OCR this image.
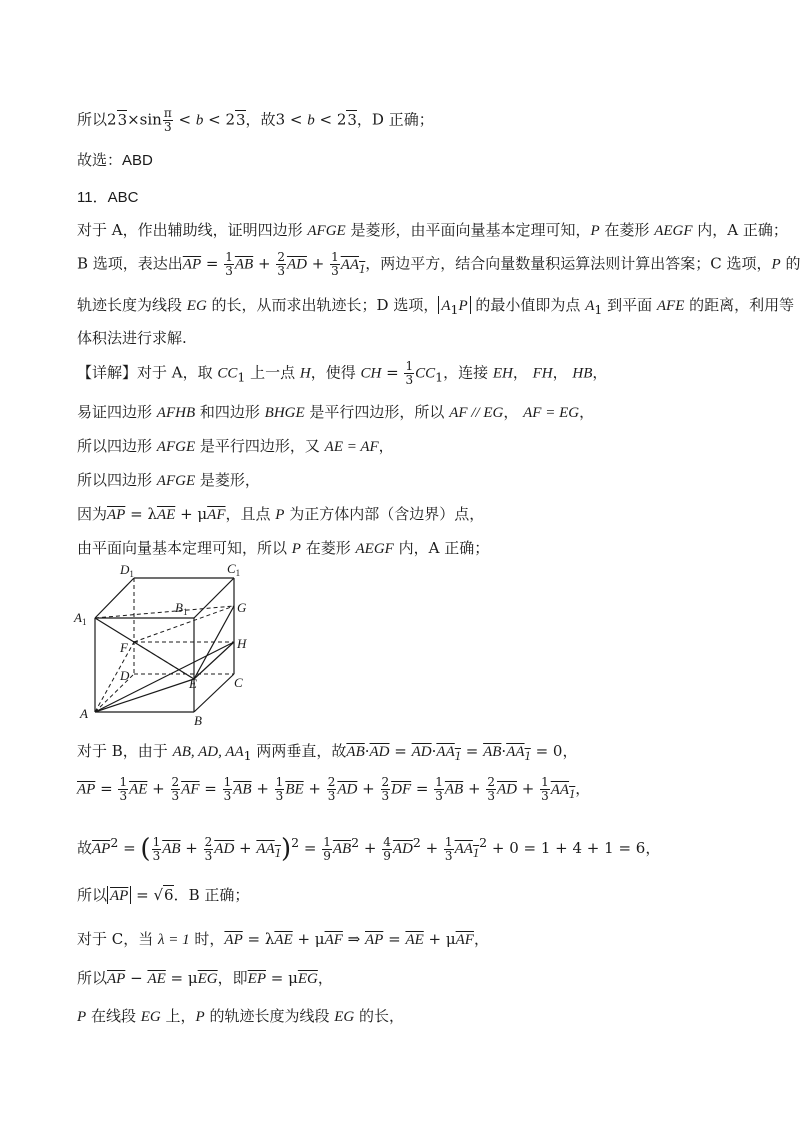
所以$23\times\sin \frac{\pi}{3} < b < 23$，故3 < b < 23，D 正确；
故选：ABD
11．ABC
对于 A，作出辅助线，证明四边形 AFGE 是菱形，由平面向量基本定理可知，P 在菱形 AEGF 内，A 正确；
B 选项，表达出$\overline{AP} = \frac{1}{3} \overline{AB} + \frac{2}{3} \overline{AD} + \frac{1}{3} AA_1$，两边平方，结合向量数量积运算法则计算出答案；C 选项，P 的
轨迹长度为线段 EG 的长，从而求出轨迹长；D 选项， $A_1P$ 的最小值即为点 $A_1$ 到平面 AFE 的距离，利用等
体积法进行求解.
【详解】对于 A，取 $CC_1$ 上一点 H，使得 CH = $\frac{1}{3} CC_1$，连接 EH， FH， HB，
易证四边形 AFHB 和四边形 BHGE 是平行四边形，所以 AF // EG， AF = EG，
所以四边形 AFGE 是平行四边形，又 AE = AF，
所以四边形 AFGE 是菱形，
因为$\overline{AP} = \lambda\overline{AE} + \mu\overline{AF}$，且点 P 为正方体内部（含边界）点，
由平面向量基本定理可知，所以 P 在菱形 AEGF 内，A 正确；
$D_1$	$C_1$
$A_1$
$B_1$	G
F	H
D
E	C
A	B
对于 B，由于 AB, AD, $AA_1$ 两两垂直，故$\overline{AB}\cdot\overline{AD} = \overline{AD}\cdot AA_1 = \overline{AB}\cdot AA_1 = 0$，
$\overline{AP} = \frac{1}{3} \overline{AE} + \frac{2}{3} \overline{AF} = \frac{1}{3} \overline{AB} + \frac{1}{3} \overline{BE} + \frac{2}{3} \overline{AD} + \frac{2}{3} \overline{DF} = \frac{1}{3} \overline{AB} + \frac{2}{3} \overline{AD} + \frac{1}{3} AA_1$，
故$\overline{AP}^2$ = ( $\frac{1}{3} \overline{AB} + \frac{2}{3} \overline{AD} + AA_1)^2 = \frac{1}{9} \overline{AB}^2 + \frac{4}{9} \overline{AD}^2 + \frac{1}{3} AA_1^2 + 0 = 1 + 4 + 1 = 6$，
所以 $\overline{AP} = √6$．B 正确；
对于 C，当 λ = 1 时，$\overline{AP} = \lambda\overline{AE} + \mu\overline{AF}$ ⇒ $\overline{AP} = \overline{AE} + \mu\overline{AF}$，
所以$\overline{AP} - \overline{AE} = \mu\overline{EG}$，即$\overline{EP} = \mu\overline{EG}$，
P 在线段 EG 上，P 的轨迹长度为线段 EG 的长，
